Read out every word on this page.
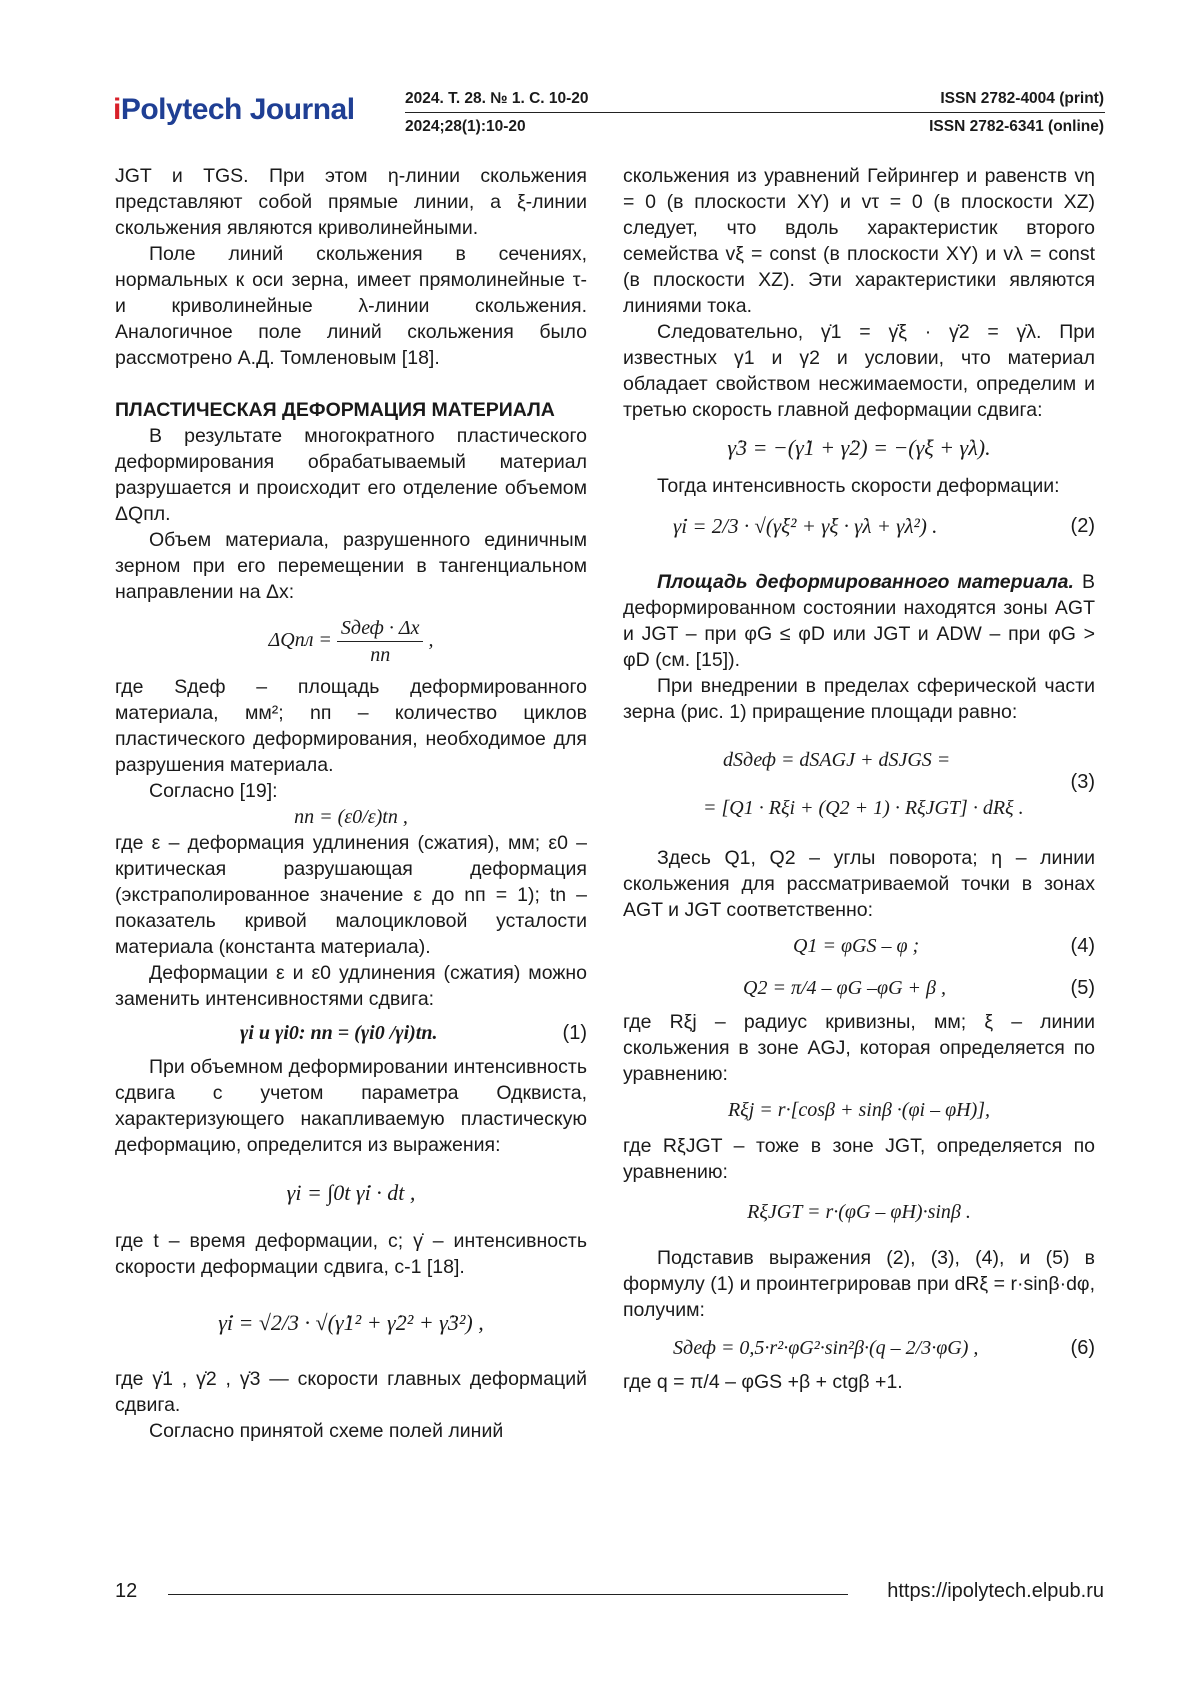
iPolytech Journal	2024. Т. 28. № 1. С. 10-20
2024;28(1):10-20
ISSN 2782-4004 (print)
ISSN 2782-6341 (online)

JGT и TGS. При этом η-линии скольжения представляют собой прямые линии, а ξ-линии скольжения являются криволинейными.

Поле линий скольжения в сечениях, нормальных к оси зерна, имеет прямолинейные τ- и криволинейные λ-линии скольжения. Аналогичное поле линий скольжения было рассмотрено А.Д. Томленовым [18].

ПЛАСТИЧЕСКАЯ ДЕФОРМАЦИЯ МАТЕРИАЛА

В результате многократного пластического деформирования обрабатываемый материал разрушается и происходит его отделение объемом ΔQпл.

Объем материала, разрушенного единичным зерном при его перемещении в тангенциальном направлении на Δx:

$\Delta Qпл = \frac{\text{Sдеф · Δx}}{nп}$ ,

где Sдеф – площадь деформированного материала, мм²; nп – количество циклов пластического деформирования, необходимое для разрушения материала.

Согласно [19]:

nп = (ε0/ε)tn ,

где ε – деформация удлинения (сжатия), мм; ε0 – критическая разрушающая деформация (экстраполированное значение ε до nп = 1); tn – показатель кривой малоцикловой усталости материала (константа материала).

Деформации ε и ε0 удлинения (сжатия) можно заменить интенсивностями сдвига:

γi и γi0: nп = (γi0 /γi)tn.	(1)

При объемном деформировании интенсивность сдвига с учетом параметра Одквиста, характеризующего накапливаемую пластическую деформацию, определится из выражения:

γi = ∫0t γ̇i · dt ,

где t – время деформации, с; γ̇ – интенсивность скорости деформации сдвига, с-1 [18].

γ̇i = √2/3 · √(γ̇1² + γ̇2² + γ̇3²) ,

где γ̇1 , γ̇2 , γ̇3 — скорости главных деформаций сдвига.

Согласно принятой схеме полей линий

скольжения из уравнений Гейрингер и равенств vη = 0 (в плоскости XY) и vτ = 0 (в плоскости XZ) следует, что вдоль характеристик второго семейства vξ = const (в плоскости XY) и vλ = const (в плоскости XZ). Эти характеристики являются линиями тока.

Следовательно, γ̇1 = γ̇ξ · γ̇2 = γ̇λ. При известных γ1 и γ2 и условии, что материал обладает свойством несжимаемости, определим и третью скорость главной деформации сдвига:

γ̇3 = −(γ̇1 + γ̇2) = −(γ̇ξ + γ̇λ).

Тогда интенсивность скорости деформации:

γ̇i = 2/3 · √(γ̇ξ² + γ̇ξ · γ̇λ + γ̇λ²) .	(2)

Площадь деформированного материала. В деформированном состоянии находятся зоны AGT и JGT – при φG ≤ φD или JGT и ADW – при φG > φD (см. [15]).

При внедрении в пределах сферической части зерна (рис. 1) приращение площади равно:

dSдеф = dSAGJ + dSJGS =
= [Q1 · Rξi + (Q2 + 1) · RξJGT] · dRξ .
(3)

Здесь Q1, Q2 – углы поворота; η – линии скольжения для рассматриваемой точки в зонах AGT и JGT соответственно:

Q1 = φGS – φ ;	(4)
Q2 = π/4 – φG –φG + β ,	(5)

где Rξj – радиус кривизны, мм; ξ – линии скольжения в зоне AGJ, которая определяется по уравнению:

Rξj = r·[cosβ + sinβ ·(φi – φH)],

где RξJGT – тоже в зоне JGT, определяется по уравнению:

RξJGT = r·(φG – φH)·sinβ .

Подставив выражения (2), (3), (4), и (5) в формулу (1) и проинтегрировав при dRξ = r·sinβ·dφ, получим:

Sдеф = 0,5·r²·φG²·sin²β·(q – 2/3·φG) ,	(6)

где q = π/4 – φGS +β + ctgβ +1.

12	https://ipolytech.elpub.ru
